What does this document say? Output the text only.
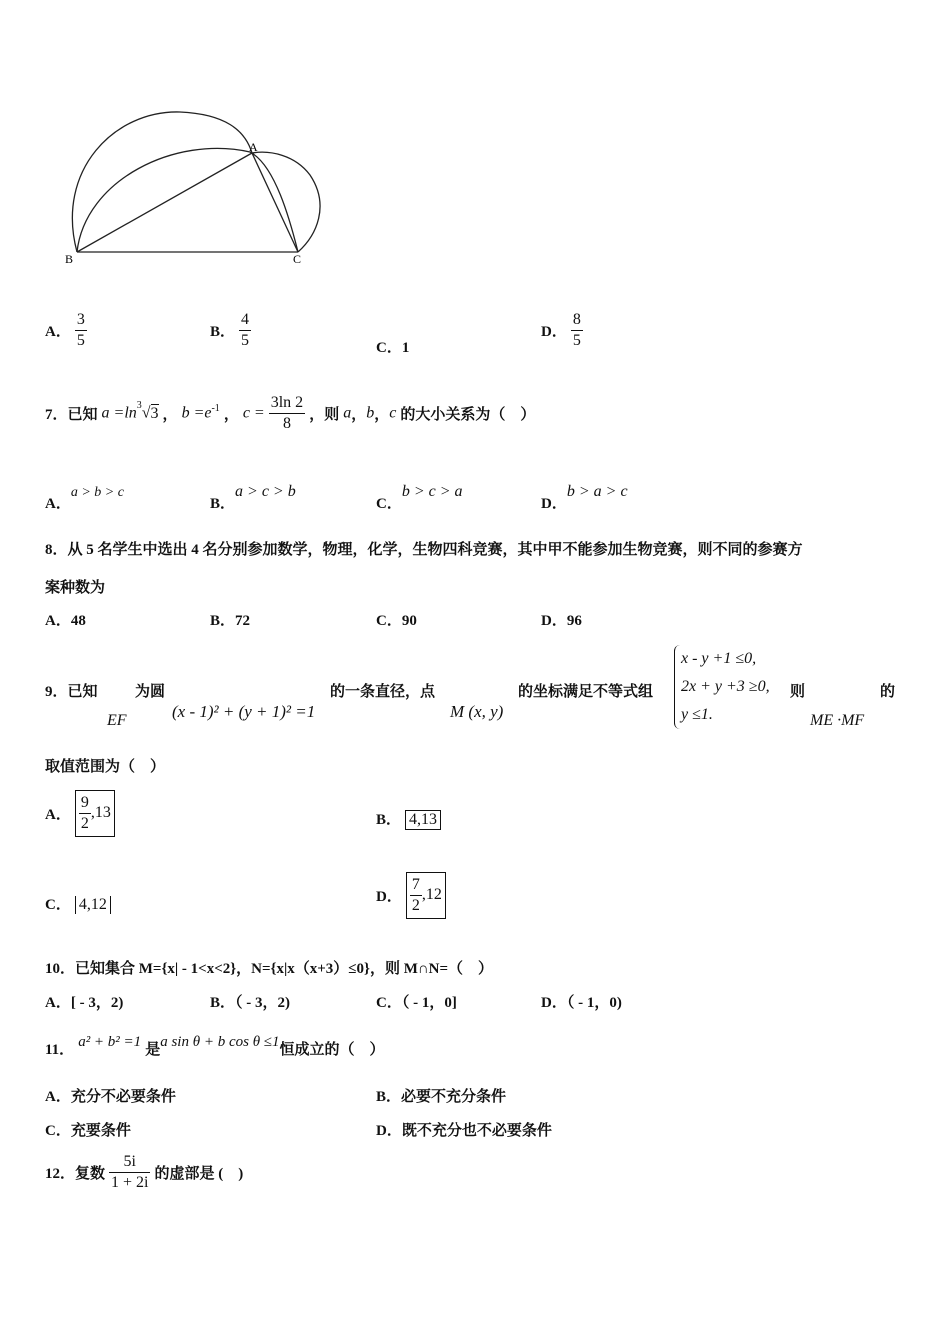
A
B	C
A． $\frac{3}{5}$	B． $\frac{4}{5}$	C．1
D． $\frac{8}{5}$
7．已知 $a =\ln^3√3$ ， $b =e^{-1}$ ， $c = \frac{3\ln 2}{8}$ ，则 a，b，c 的大小关系为（　）
A．a > b > c
B．a > c > b
C．b > c > a
D．b > a > c
8．从 5 名学生中选出 4 名分别参加数学，物理，化学，生物四科竞赛，其中甲不能参加生物竞赛，则不同的参赛方
案种数为
A．48	B．72	C．90	D．96
9．已知
EF
为圆
(x - 1)² + (y + 1)² =1
的一条直径，点
M (x, y)
的坐标满足不等式组
x - y +1 ≤0,
2x + y +3 ≥0,
y ≤1.
则
ME ·MF
的
取值范围为（　）
A． $\frac{9}{2} ,13$	B． 4,13
C． 4,12	D． $\frac{7}{2} ,12$
10．已知集合 M={x| - 1<x<2}，N={x|x（x+3）≤0}，则 M∩N=（　）
A．[ - 3，2)	B．（ - 3，2)	C．（ - 1，0]	D．（ - 1，0)
11． a² + b² =1 是a sin θ + b cos θ ≤1恒成立的（　）
A．充分不必要条件	B．必要不充分条件
C．充要条件	D．既不充分也不必要条件
12．复数 $\frac{5i}{1 + 2i}$ 的虚部是 (　)
